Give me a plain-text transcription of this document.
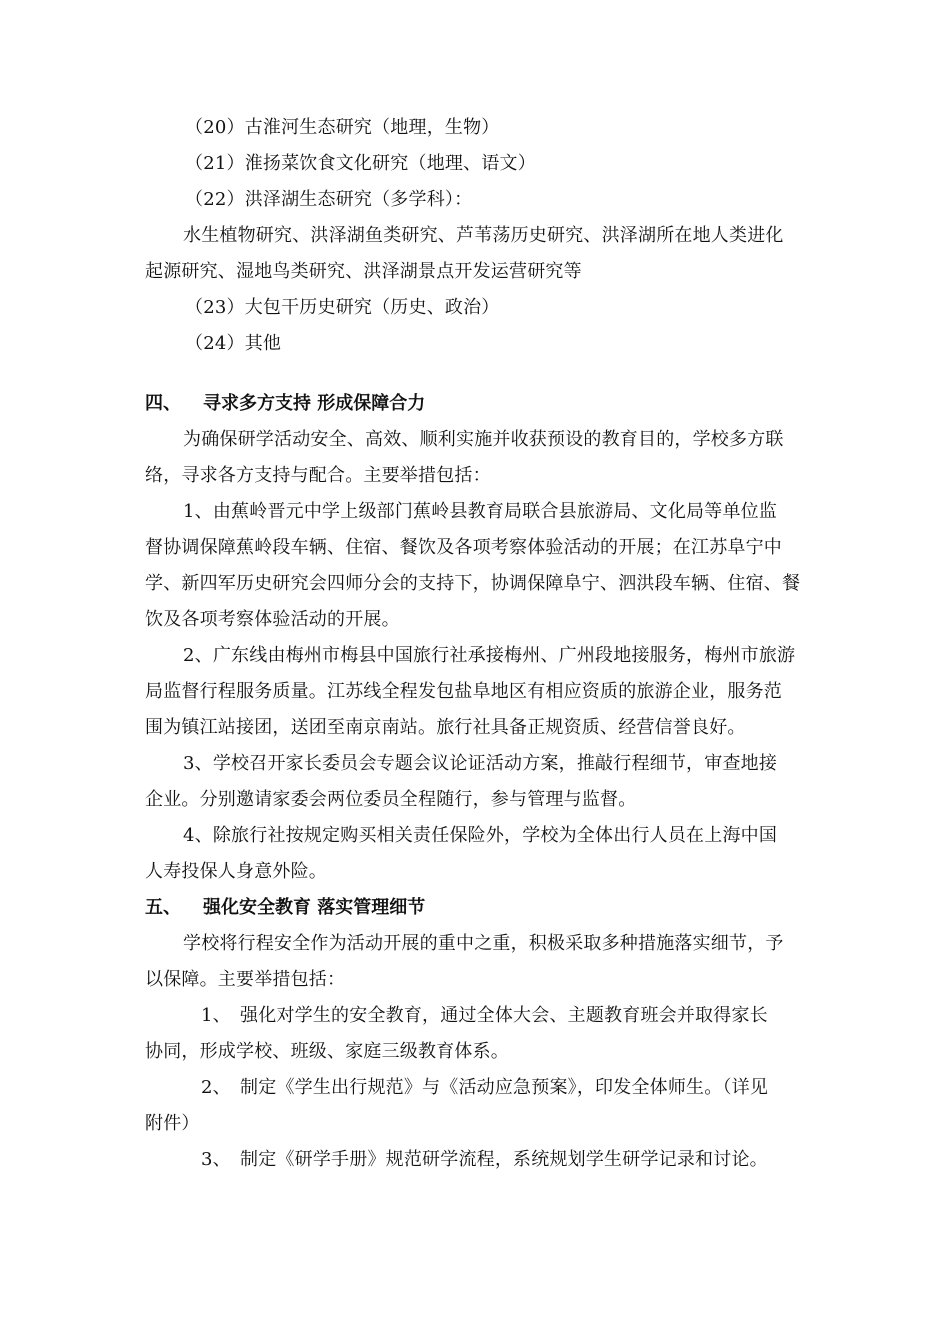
（20）古淮河生态研究（地理，生物）
（21）淮扬菜饮食文化研究（地理、语文）
（22）洪泽湖生态研究（多学科）：
水生植物研究、洪泽湖鱼类研究、芦苇荡历史研究、洪泽湖所在地人类进化
起源研究、湿地鸟类研究、洪泽湖景点开发运营研究等
（23）大包干历史研究（历史、政治）
（24）其他
四、 寻求多方支持 形成保障合力
为确保研学活动安全、高效、顺利实施并收获预设的教育目的，学校多方联
络，寻求各方支持与配合。主要举措包括：
1、由蕉岭晋元中学上级部门蕉岭县教育局联合县旅游局、文化局等单位监
督协调保障蕉岭段车辆、住宿、餐饮及各项考察体验活动的开展；在江苏阜宁中
学、新四军历史研究会四师分会的支持下，协调保障阜宁、泗洪段车辆、住宿、餐
饮及各项考察体验活动的开展。
2、广东线由梅州市梅县中国旅行社承接梅州、广州段地接服务，梅州市旅游
局监督行程服务质量。江苏线全程发包盐阜地区有相应资质的旅游企业，服务范
围为镇江站接团，送团至南京南站。旅行社具备正规资质、经营信誉良好。
3、学校召开家长委员会专题会议论证活动方案，推敲行程细节，审查地接
企业。分别邀请家委会两位委员全程随行，参与管理与监督。
4、除旅行社按规定购买相关责任保险外，学校为全体出行人员在上海中国
人寿投保人身意外险。
五、 强化安全教育 落实管理细节
学校将行程安全作为活动开展的重中之重，积极采取多种措施落实细节，予
以保障。主要举措包括：
1、　强化对学生的安全教育，通过全体大会、主题教育班会并取得家长
协同，形成学校、班级、家庭三级教育体系。
2、　制定《学生出行规范》与《活动应急预案》，印发全体师生。（详见
附件）
3、　制定《研学手册》规范研学流程，系统规划学生研学记录和讨论。
